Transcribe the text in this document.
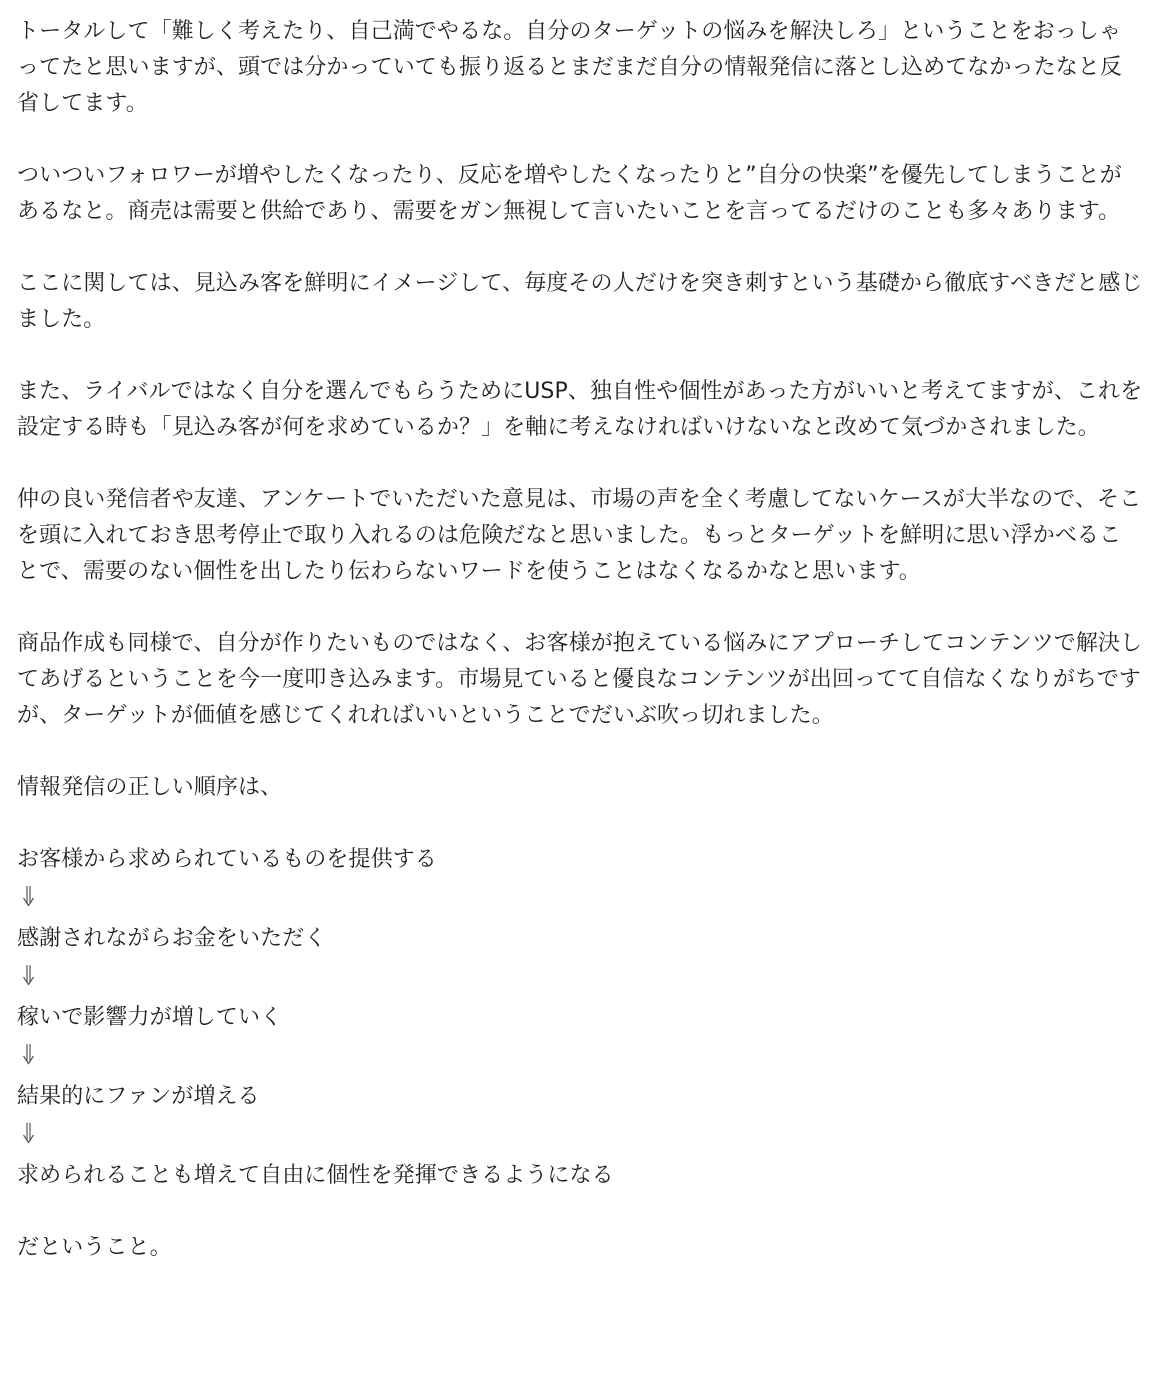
トータルして「難しく考えたり、自己満でやるな。自分のターゲットの悩みを解決しろ」ということをおっしゃってたと思いますが、頭では分かっていても振り返るとまだまだ自分の情報発信に落とし込めてなかったなと反省してます。

ついついフォロワーが増やしたくなったり、反応を増やしたくなったりと”自分の快楽”を優先してしまうことがあるなと。商売は需要と供給であり、需要をガン無視して言いたいことを言ってるだけのことも多々あります。

ここに関しては、見込み客を鮮明にイメージして、毎度その人だけを突き刺すという基礎から徹底すべきだと感じました。

また、ライバルではなく自分を選んでもらうためにUSP、独自性や個性があった方がいいと考えてますが、これを設定する時も「見込み客が何を求めているか？」を軸に考えなければいけないなと改めて気づかされました。

仲の良い発信者や友達、アンケートでいただいた意見は、市場の声を全く考慮してないケースが大半なので、そこを頭に入れておき思考停止で取り入れるのは危険だなと思いました。もっとターゲットを鮮明に思い浮かべることで、需要のない個性を出したり伝わらないワードを使うことはなくなるかなと思います。

商品作成も同様で、自分が作りたいものではなく、お客様が抱えている悩みにアプローチしてコンテンツで解決してあげるということを今一度叩き込みます。市場見ていると優良なコンテンツが出回ってて自信なくなりがちですが、ターゲットが価値を感じてくれればいいということでだいぶ吹っ切れました。

情報発信の正しい順序は、

お客様から求められているものを提供する
感謝されながらお金をいただく
稼いで影響力が増していく
結果的にファンが増える
求められることも増えて自由に個性を発揮できるようになる

だということ。
